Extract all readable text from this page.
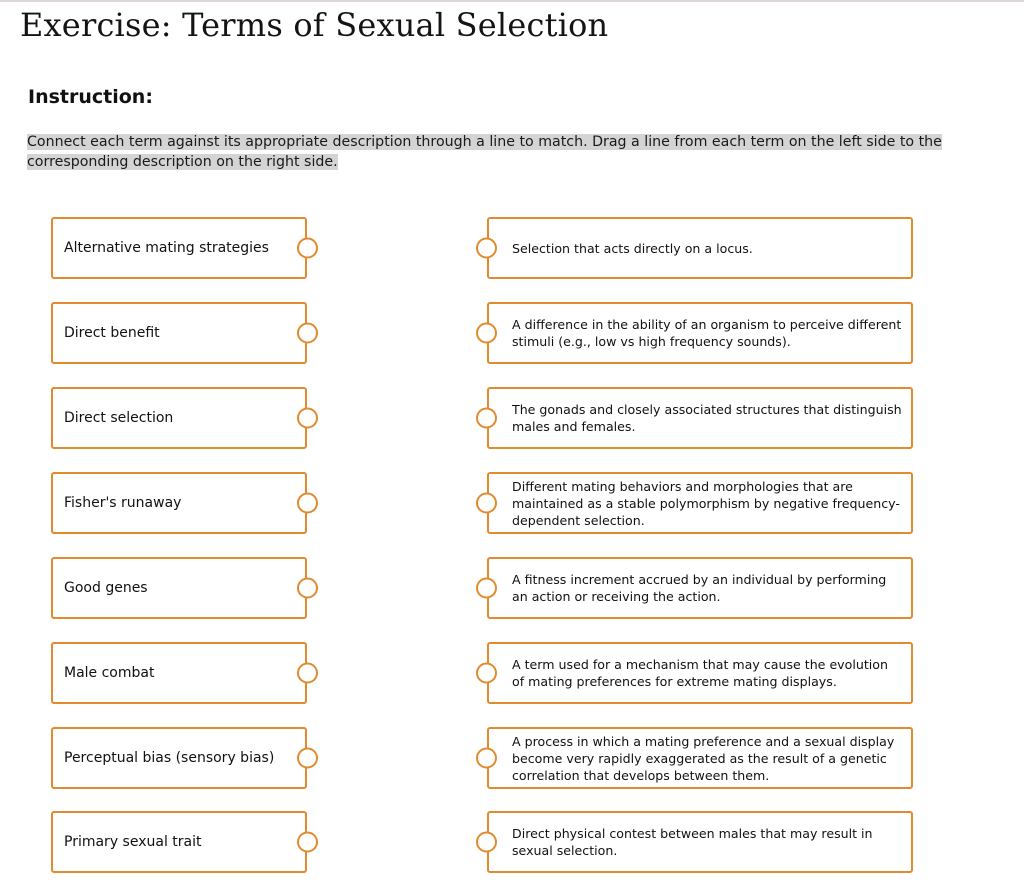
Exercise: Terms of Sexual Selection
Instruction:

Connect each term against its appropriate description through a line to match. Drag a line from each term on the left side to the corresponding description on the right side.

Alternative mating strategies
Direct benefit
Direct selection
Fisher's runaway
Good genes
Male combat
Perceptual bias (sensory bias)
Primary sexual trait
Selection that acts directly on a locus.
A difference in the ability of an organism to perceive different stimuli (e.g., low vs high frequency sounds).
The gonads and closely associated structures that distinguish males and females.
Different mating behaviors and morphologies that are maintained as a stable polymorphism by negative frequency-dependent selection.
A fitness increment accrued by an individual by performing an action or receiving the action.
A term used for a mechanism that may cause the evolution of mating preferences for extreme mating displays.
A process in which a mating preference and a sexual display become very rapidly exaggerated as the result of a genetic correlation that develops between them.
Direct physical contest between males that may result in sexual selection.
